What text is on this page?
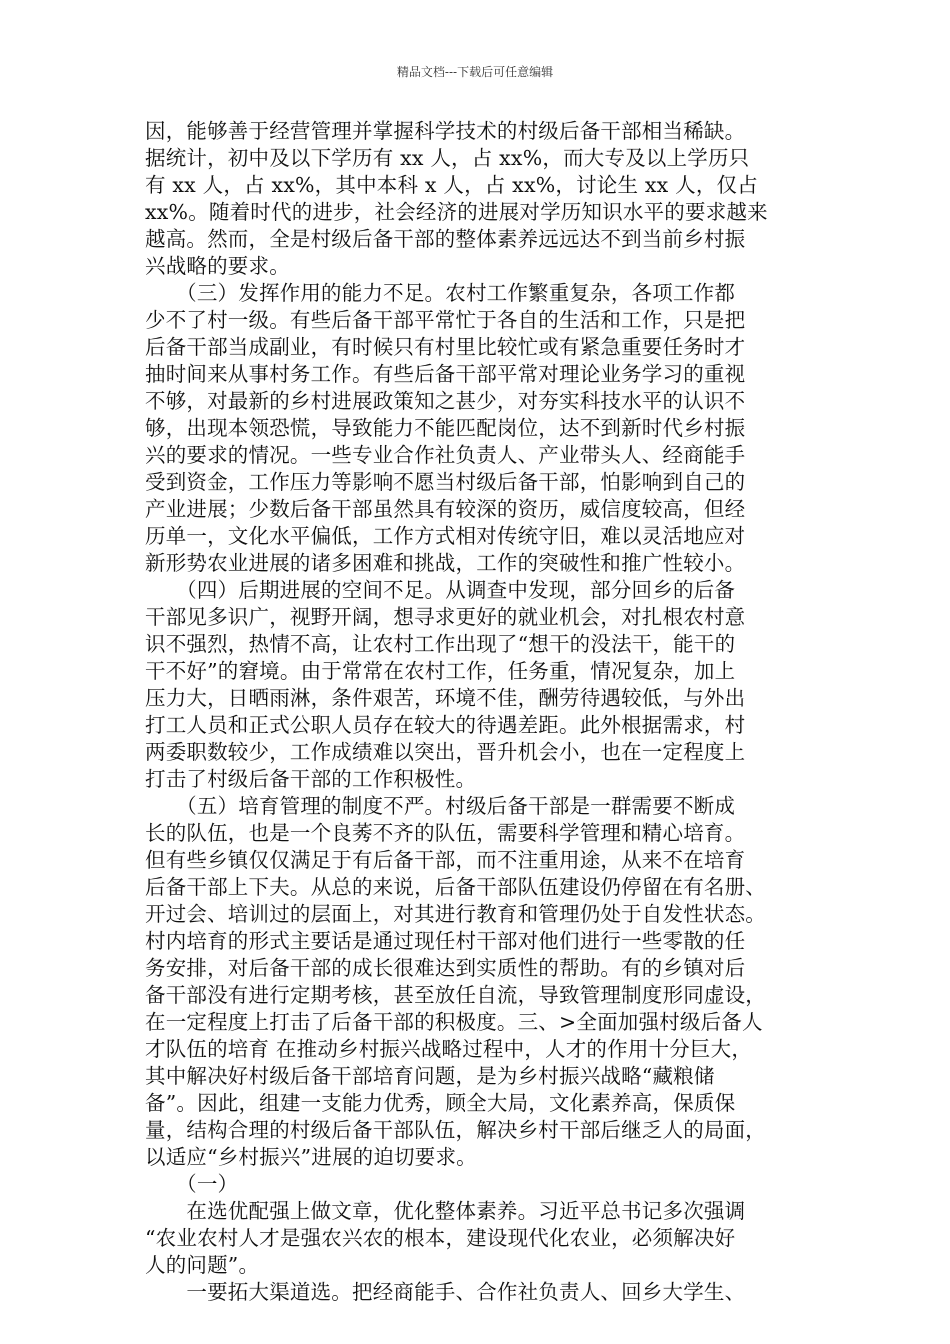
精品文档---下载后可任意编辑
因，能够善于经营管理并掌握科学技术的村级后备干部相当稀缺。
据统计，初中及以下学历有 xx 人，占 xx%，而大专及以上学历只
有 xx 人，占 xx%，其中本科 x 人，占 xx%，讨论生 xx 人，仅占
xx%。随着时代的进步，社会经济的进展对学历知识水平的要求越来
越高。然而，全是村级后备干部的整体素养远远达不到当前乡村振
兴战略的要求。
　　（三）发挥作用的能力不足。农村工作繁重复杂，各项工作都
少不了村一级。有些后备干部平常忙于各自的生活和工作，只是把
后备干部当成副业，有时候只有村里比较忙或有紧急重要任务时才
抽时间来从事村务工作。有些后备干部平常对理论业务学习的重视
不够，对最新的乡村进展政策知之甚少，对夯实科技水平的认识不
够，出现本领恐慌，导致能力不能匹配岗位，达不到新时代乡村振
兴的要求的情况。一些专业合作社负责人、产业带头人、经商能手
受到资金，工作压力等影响不愿当村级后备干部，怕影响到自己的
产业进展；少数后备干部虽然具有较深的资历，威信度较高，但经
历单一，文化水平偏低，工作方式相对传统守旧，难以灵活地应对
新形势农业进展的诸多困难和挑战，工作的突破性和推广性较小。
　　（四）后期进展的空间不足。从调查中发现，部分回乡的后备
干部见多识广，视野开阔，想寻求更好的就业机会，对扎根农村意
识不强烈，热情不高，让农村工作出现了“想干的没法干，能干的
干不好”的窘境。由于常常在农村工作，任务重，情况复杂，加上
压力大，日晒雨淋，条件艰苦，环境不佳，酬劳待遇较低，与外出
打工人员和正式公职人员存在较大的待遇差距。此外根据需求，村
两委职数较少，工作成绩难以突出，晋升机会小，也在一定程度上
打击了村级后备干部的工作积极性。
　　（五）培育管理的制度不严。村级后备干部是一群需要不断成
长的队伍，也是一个良莠不齐的队伍，需要科学管理和精心培育。
但有些乡镇仅仅满足于有后备干部，而不注重用途，从来不在培育
后备干部上下夫。从总的来说，后备干部队伍建设仍停留在有名册、
开过会、培训过的层面上，对其进行教育和管理仍处于自发性状态。
村内培育的形式主要话是通过现任村干部对他们进行一些零散的任
务安排，对后备干部的成长很难达到实质性的帮助。有的乡镇对后
备干部没有进行定期考核，甚至放任自流，导致管理制度形同虚设，
在一定程度上打击了后备干部的积极度。三、>全面加强村级后备人
才队伍的培育 在推动乡村振兴战略过程中，人才的作用十分巨大，
其中解决好村级后备干部培育问题，是为乡村振兴战略“藏粮储
备”。因此，组建一支能力优秀，顾全大局，文化素养高，保质保
量，结构合理的村级后备干部队伍，解决乡村干部后继乏人的局面，
以适应“乡村振兴”进展的迫切要求。
　　（一）
　　在选优配强上做文章，优化整体素养。习近平总书记多次强调
“农业农村人才是强农兴农的根本，建设现代化农业，必须解决好
人的问题”。
　　一要拓大渠道选。把经商能手、合作社负责人、回乡大学生、
